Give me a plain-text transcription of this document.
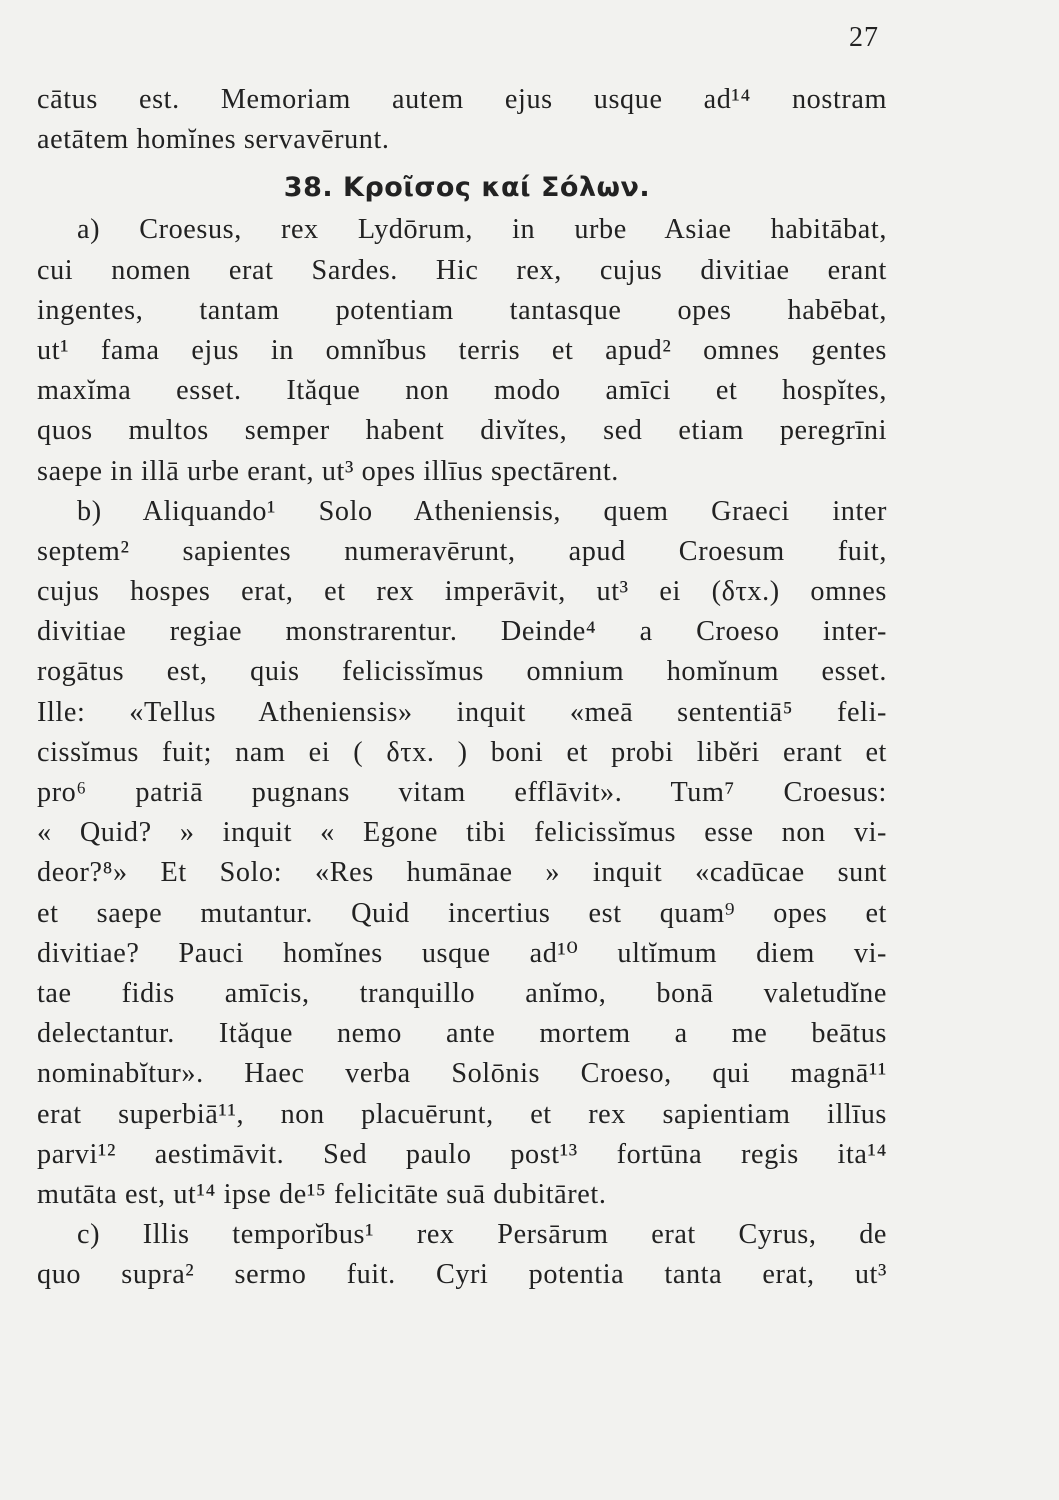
27
cātus est. Memoriam autem ejus usque ad¹⁴ nostram
aetātem homĭnes servavērunt.
38. Κροῖσος καί Σόλων.
a) Croesus, rex Lydōrum, in urbe Asiae habitābat,
cui nomen erat Sardes. Hic rex, cujus divitiae erant
ingentes, tantam potentiam tantasque opes habēbat,
ut¹ fama ejus in omnĭbus terris et apud² omnes gentes
maxĭma esset. Ităque non modo amīci et hospĭtes,
quos multos semper habent divĭtes, sed etiam peregrīni
saepe in illā urbe erant, ut³ opes illīus spectārent.
b) Aliquando¹ Solo Atheniensis, quem Graeci inter
septem² sapientes numeravērunt, apud Croesum fuit,
cujus hospes erat, et rex imperāvit, ut³ ei (δτx.) omnes
divitiae regiae monstrarentur. Deinde⁴ a Croeso inter-
rogātus est, quis felicissĭmus omnium homĭnum esset.
Ille: «Tellus Atheniensis» inquit «meā sententiā⁵ feli-
cissĭmus fuit; nam ei ( δτx. ) boni et probi libĕri erant et
pro⁶ patriā pugnans vitam efflāvit». Tum⁷ Croesus:
« Quid? » inquit « Egone tibi felicissĭmus esse non vi-
deor?⁸» Et Solo: «Res humānae » inquit «cadūcae sunt
et saepe mutantur. Quid incertius est quam⁹ opes et
divitiae? Pauci homĭnes usque ad¹⁰ ultĭmum diem vi-
tae fidis amīcis, tranquillo anĭmo, bonā valetudĭne
delectantur. Ităque nemo ante mortem a me beātus
nominabĭtur». Haec verba Solōnis Croeso, qui magnā¹¹
erat superbiā¹¹, non placuērunt, et rex sapientiam illīus
parvi¹² aestimāvit. Sed paulo post¹³ fortūna regis ita¹⁴
mutāta est, ut¹⁴ ipse de¹⁵ felicitāte suā dubitāret.
c) Illis temporĭbus¹ rex Persārum erat Cyrus, de
quo supra² sermo fuit. Cyri potentia tanta erat, ut³
